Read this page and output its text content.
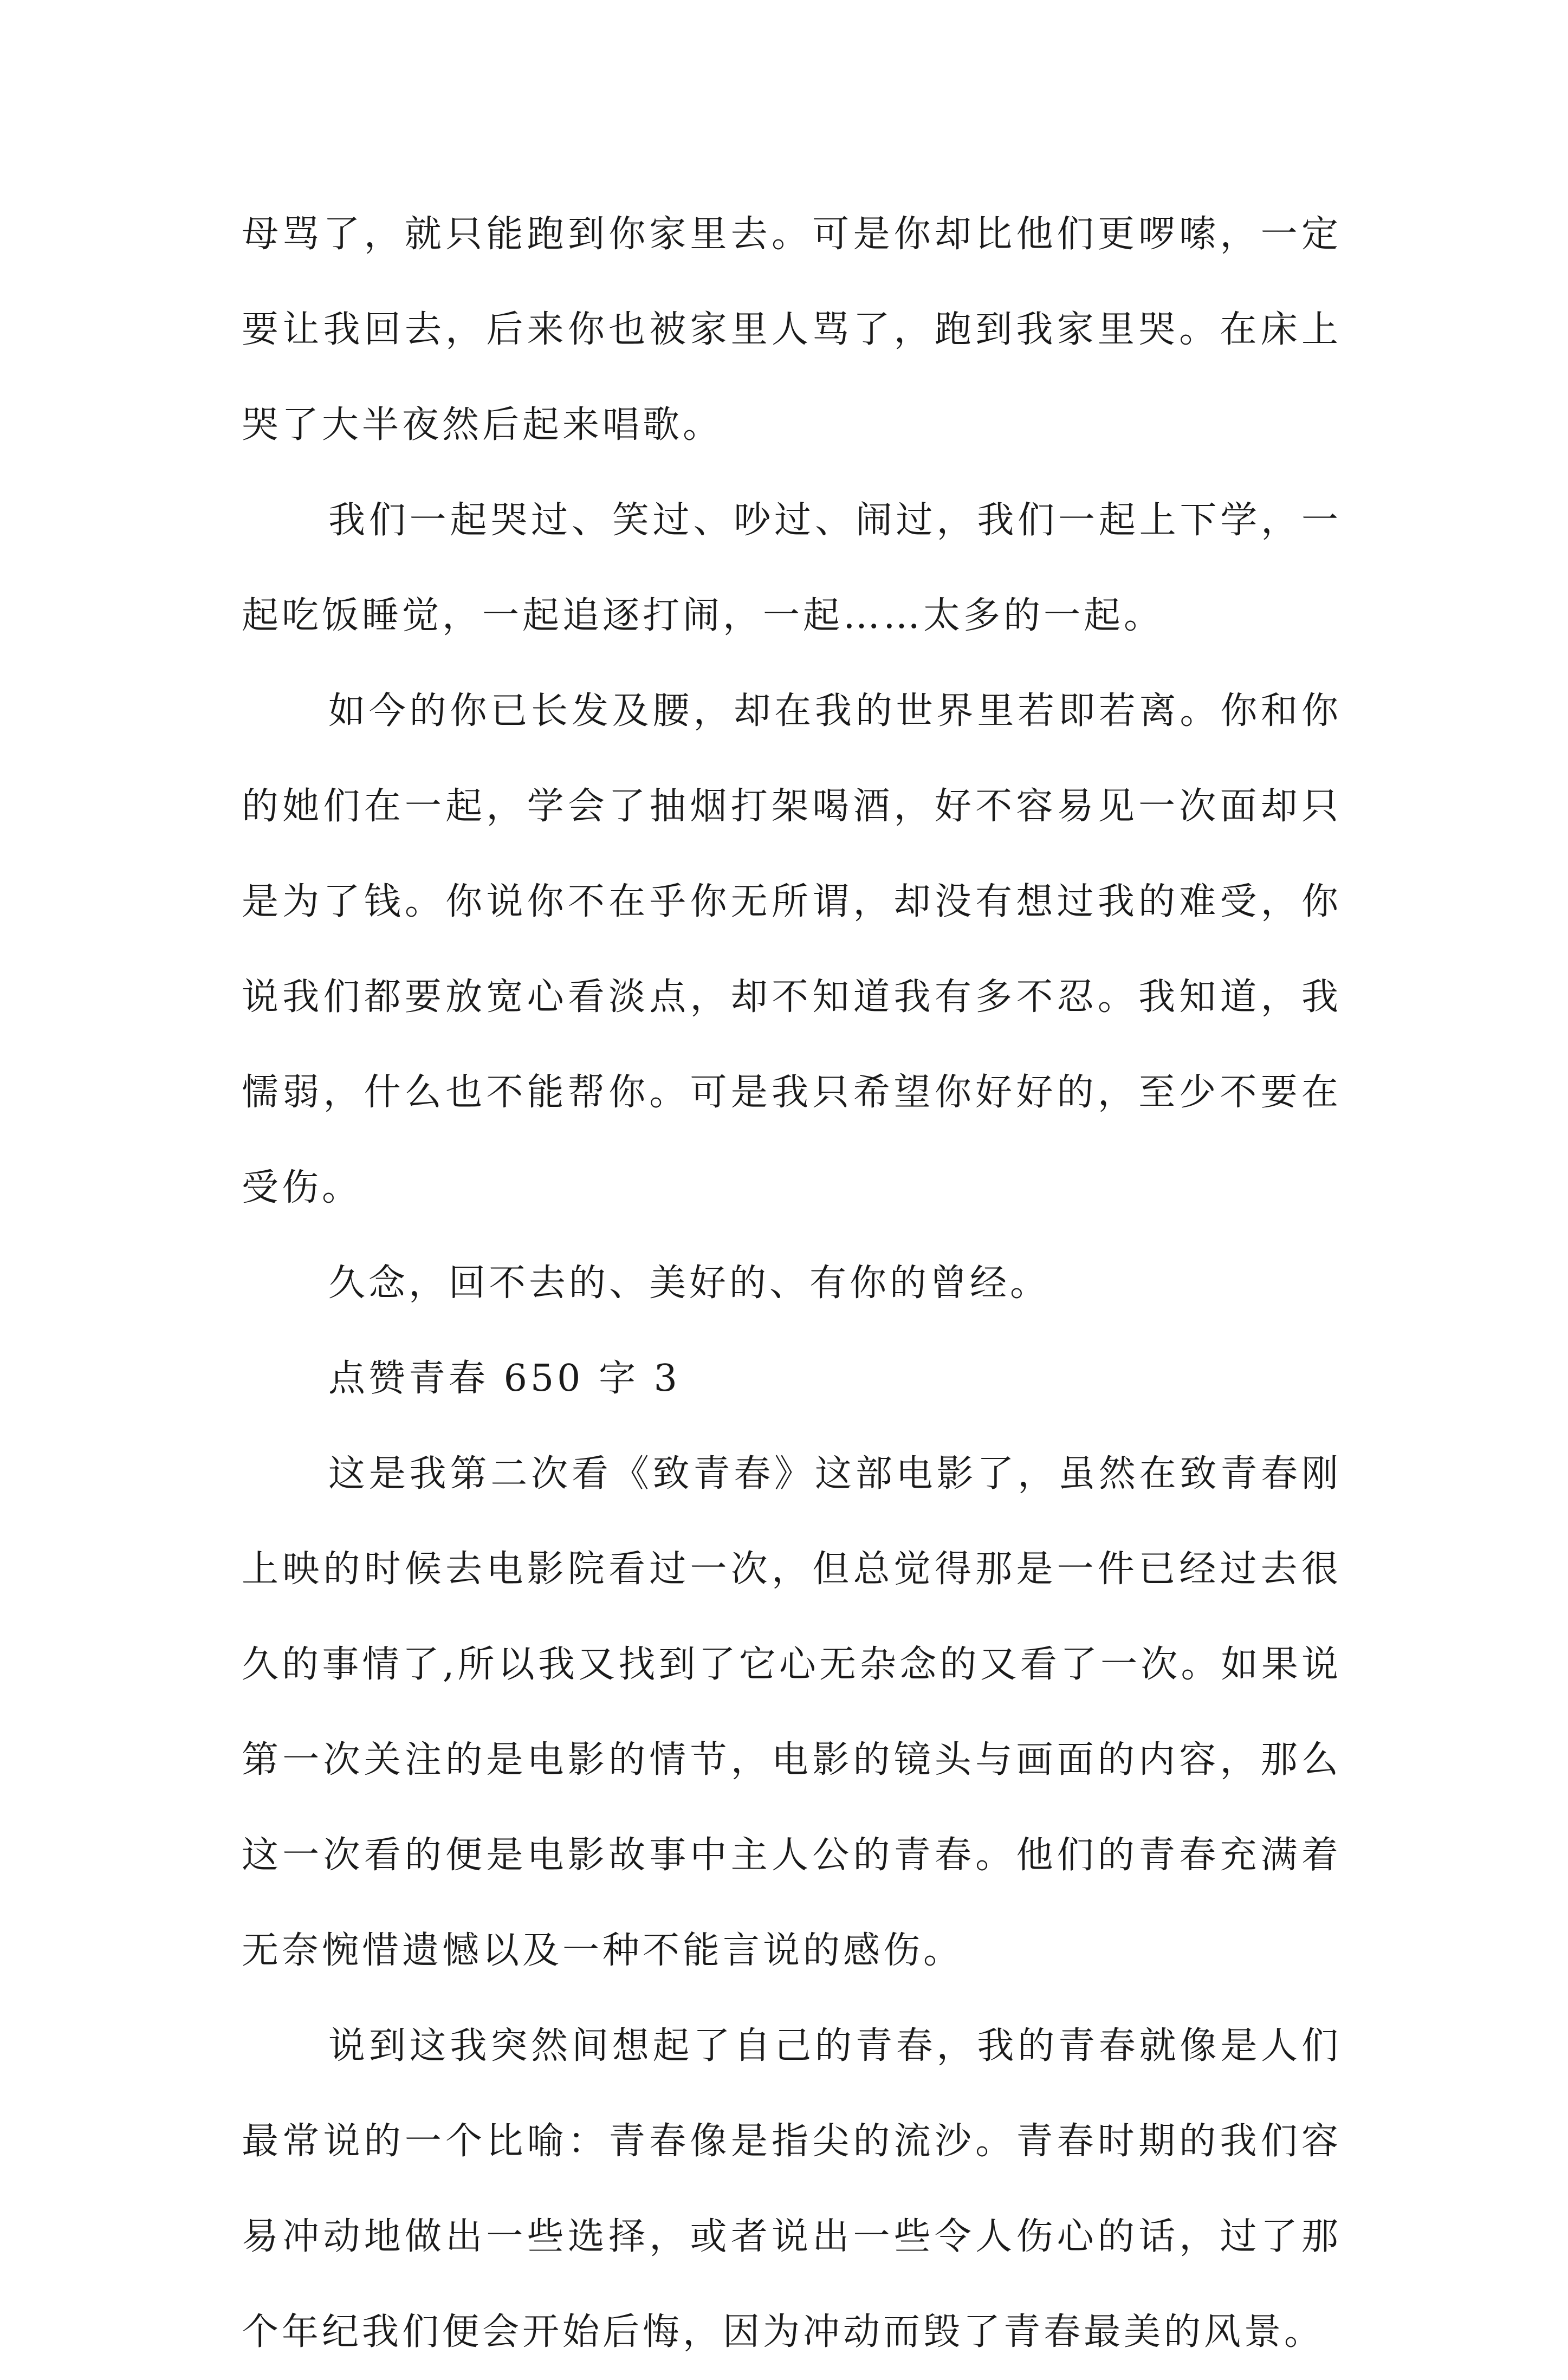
母骂了，就只能跑到你家里去。可是你却比他们更啰嗦，一定要让我回去，后来你也被家里人骂了，跑到我家里哭。在床上哭了大半夜然后起来唱歌。

我们一起哭过、笑过、吵过、闹过，我们一起上下学，一起吃饭睡觉，一起追逐打闹，一起……太多的一起。

如今的你已长发及腰，却在我的世界里若即若离。你和你的她们在一起，学会了抽烟打架喝酒，好不容易见一次面却只是为了钱。你说你不在乎你无所谓，却没有想过我的难受，你说我们都要放宽心看淡点，却不知道我有多不忍。我知道，我懦弱，什么也不能帮你。可是我只希望你好好的，至少不要在受伤。

久念，回不去的、美好的、有你的曾经。

点赞青春 650 字 3

这是我第二次看《致青春》这部电影了，虽然在致青春刚上映的时候去电影院看过一次，但总觉得那是一件已经过去很久的事情了,所以我又找到了它心无杂念的又看了一次。如果说第一次关注的是电影的情节，电影的镜头与画面的内容，那么这一次看的便是电影故事中主人公的青春。他们的青春充满着无奈惋惜遗憾以及一种不能言说的感伤。

说到这我突然间想起了自己的青春，我的青春就像是人们最常说的一个比喻：青春像是指尖的流沙。青春时期的我们容易冲动地做出一些选择，或者说出一些令人伤心的话，过了那个年纪我们便会开始后悔，因为冲动而毁了青春最美的风景。
